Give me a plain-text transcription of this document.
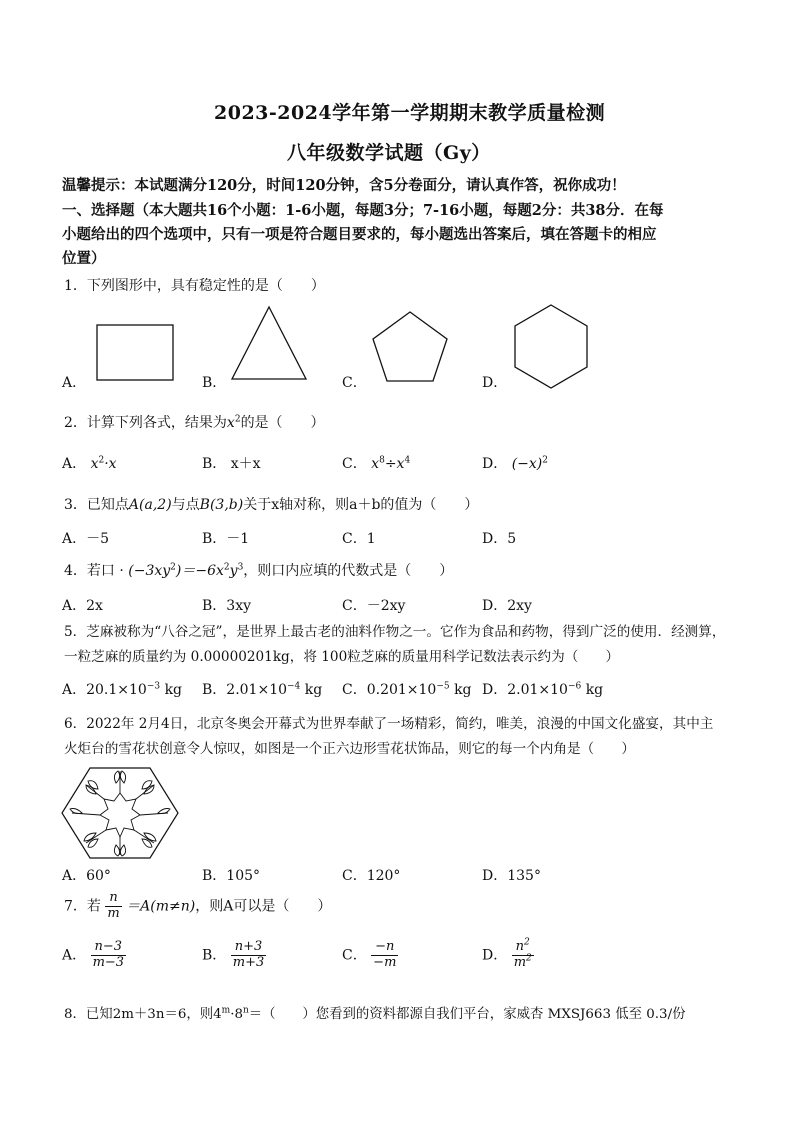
2023-2024学年第一学期期末教学质量检测
八年级数学试题（Gy）
温馨提示：本试题满分120分，时间120分钟，含5分卷面分，请认真作答，祝你成功！
一、选择题（本大题共16个小题：1-6小题，每题3分；7-16小题，每题2分：共38分．在每
小题给出的四个选项中，只有一项是符合题目要求的，每小题选出答案后，填在答题卡的相应
位置）
1．下列图形中，具有稳定性的是（　　）
A．	B．	C．	D．
2．计算下列各式，结果为$x^2$的是（　　）
A． $x^2\cdot x$	B． x＋x	C． $x^8\div x^4$	D． $(-x)^2$
3．已知点A(a,2)与点B(3,b)关于x轴对称，则a＋b的值为（　　）
A．－5	B．－1	C．1	D．5
4．若口 · $(-3xy^2)=-6x^2y^3$，则口内应填的代数式是（　　）
A．2x	B．3xy	C．－2xy	D．2xy
5．芝麻被称为“八谷之冠”，是世界上最古老的油料作物之一。它作为食品和药物，得到广泛的使用．经测算，
一粒芝麻的质量约为 0.00000201kg，将 100粒芝麻的质量用科学记数法表示约为（　　）
A．$20.1\times 10^{-3}$ kg B．$2.01\times 10^{-4}$ kg C．$0.201\times 10^{-5}$ kg D．$2.01\times 10^{-6}$ kg
6．2022年 2月4日，北京冬奥会开幕式为世界奉献了一场精彩，简约，唯美，浪漫的中国文化盛宴，其中主
火炬台的雪花状创意令人惊叹，如图是一个正六边形雪花状饰品，则它的每一个内角是（　　）
A．60°	B．105°	C．120°	D．135°
7．若 $\frac{n}{m} =A(m\ne n)$，则A可以是（　　）
A． $\frac{n-3}{m-3}$	B． $\frac{n+3}{m+3}$	C． $\frac{-n}{-m}$	D． $\frac{n^2}{m^2}$
8．已知2m＋3n＝6，则$4^m\cdot 8^n=$（　　）您看到的资料都源自我们平台，家威杏 MXSJ663 低至 0.3/份
